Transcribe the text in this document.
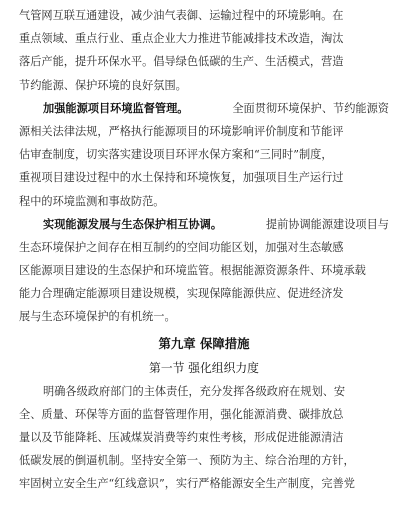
气管网互联互通建设，减少油气表御、运输过程中的环境影响。在
重点领域、重点行业、重点企业大力推进节能减排技术改造，淘汰
落后产能，提升环保水平。倡导绿色低碳的生产、生活模式，营造
节约能源、保护环境的良好氛围。
加强能源项目环境监督管理。	全面贯彻环境保护、节约能源资
源相关法律法规，严格执行能源项目的环境影响评价制度和节能评
估审查制度，切实落实建设项目环评水保方案和“三同时”制度，
重视项目建设过程中的水土保持和环境恢复，加强项目生产运行过
程中的环境监测和事故防范。
实现能源发展与生态保护相互协调。	提前协调能源建设项目与
生态环境保护之间存在相互制约的空间功能区划，加强对生态敏感
区能源项目建设的生态保护和环境监管。根据能源资源条件、环境承载
能力合理确定能源项目建设规模，实现保障能源供应、促进经济发
展与生态环境保护的有机统一。
第九章 保障措施
第一节 强化组织力度
明确各级政府部门的主体责任，充分发挥各级政府在规划、安
全、质量、环保等方面的监督管理作用，强化能源消费、碳排放总
量以及节能降耗、压减煤炭消费等约束性考核，形成促进能源清洁
低碳发展的倒逼机制。坚持安全第一、预防为主、综合治理的方针，
牢固树立安全生产“红线意识”，实行严格能源安全生产制度，完善党
